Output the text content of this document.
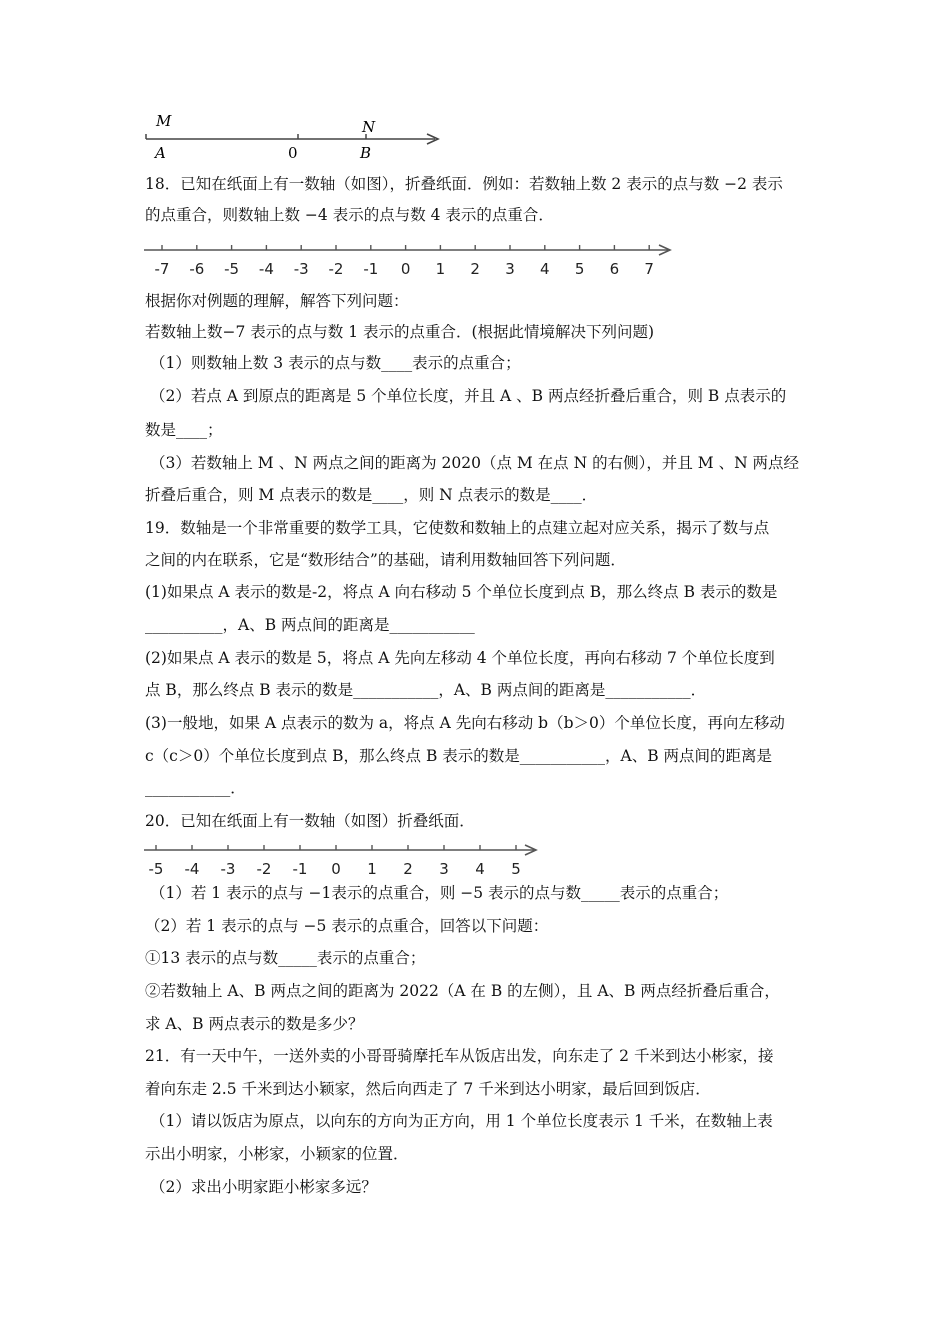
M
A	0
N
B
18．已知在纸面上有一数轴（如图），折叠纸面．例如：若数轴上数 2 表示的点与数 −2 表示
的点重合，则数轴上数 −4 表示的点与数 4 表示的点重合．
-7 -6 -5 -4 -3 -2 -1 0 1 2 3 4 5 6 7
根据你对例题的理解，解答下列问题：
若数轴上数−7 表示的点与数 1 表示的点重合．(根据此情境解决下列问题)
（1）则数轴上数 3 表示的点与数____表示的点重合；
（2）若点 A 到原点的距离是 5 个单位长度，并且 A 、B 两点经折叠后重合，则 B 点表示的
数是____；
（3）若数轴上 M 、N 两点之间的距离为 2020（点 M 在点 N 的右侧），并且 M 、N 两点经
折叠后重合，则 M 点表示的数是____，则 N 点表示的数是____．
19．数轴是一个非常重要的数学工具，它使数和数轴上的点建立起对应关系，揭示了数与点
之间的内在联系，它是“数形结合”的基础，请利用数轴回答下列问题．
(1)如果点 A 表示的数是-2，将点 A 向右移动 5 个单位长度到点 B，那么终点 B 表示的数是
__________，A、B 两点间的距离是___________
(2)如果点 A 表示的数是 5，将点 A 先向左移动 4 个单位长度，再向右移动 7 个单位长度到
点 B，那么终点 B 表示的数是___________，A、B 两点间的距离是___________．
(3)一般地，如果 A 点表示的数为 a，将点 A 先向右移动 b（b＞0）个单位长度，再向左移动
c（c＞0）个单位长度到点 B，那么终点 B 表示的数是___________，A、B 两点间的距离是
___________．
20．已知在纸面上有一数轴（如图）折叠纸面．
-5 -4 -3 -2 -1 0 1 2 3 4 5
（1）若 1 表示的点与 −1表示的点重合，则 −5 表示的点与数_____表示的点重合；
（2）若 1 表示的点与 −5 表示的点重合，回答以下问题：
①13 表示的点与数_____表示的点重合；
②若数轴上 A、B 两点之间的距离为 2022（A 在 B 的左侧），且 A、B 两点经折叠后重合，
求 A、B 两点表示的数是多少？
21．有一天中午，一送外卖的小哥哥骑摩托车从饭店出发，向东走了 2 千米到达小彬家，接
着向东走 2.5 千米到达小颖家，然后向西走了 7 千米到达小明家，最后回到饭店．
（1）请以饭店为原点，以向东的方向为正方向，用 1 个单位长度表示 1 千米，在数轴上表
示出小明家，小彬家，小颖家的位置．
（2）求出小明家距小彬家多远？
